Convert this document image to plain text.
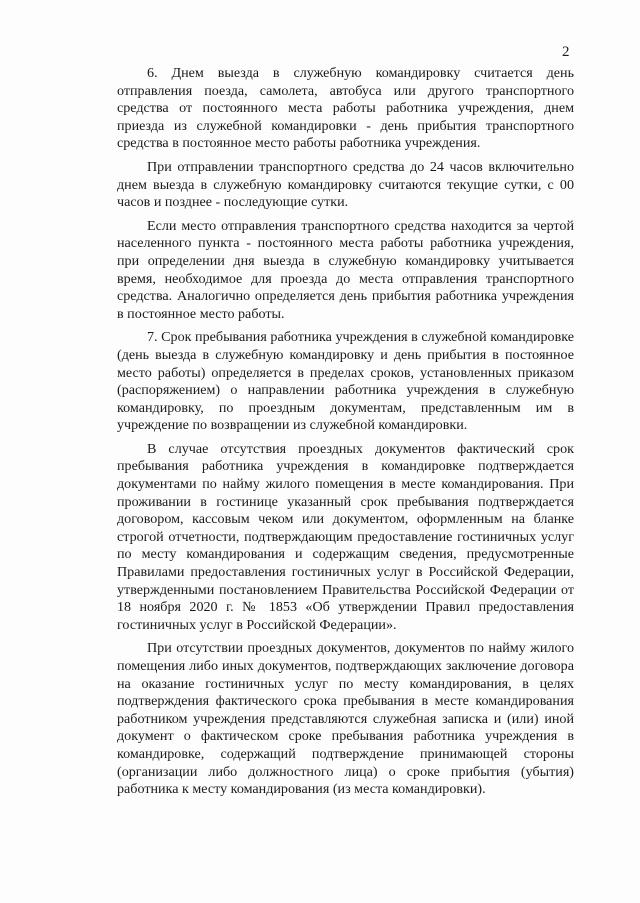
2

6. Днем выезда в служебную командировку считается день отправления поезда, самолета, автобуса или другого транспортного средства от постоянного места работы работника учреждения, днем приезда из служебной командировки - день прибытия транспортного средства в постоянное место работы работника учреждения.

При отправлении транспортного средства до 24 часов включительно днем выезда в служебную командировку считаются текущие сутки, с 00 часов и позднее - последующие сутки.

Если место отправления транспортного средства находится за чертой населенного пункта - постоянного места работы работника учреждения, при определении дня выезда в служебную командировку учитывается время, необходимое для проезда до места отправления транспортного средства. Аналогично определяется день прибытия работника учреждения в постоянное место работы.

7. Срок пребывания работника учреждения в служебной командировке (день выезда в служебную командировку и день прибытия в постоянное место работы) определяется в пределах сроков, установленных приказом (распоряжением) о направлении работника учреждения в служебную командировку, по проездным документам, представленным им в учреждение по возвращении из служебной командировки.

В случае отсутствия проездных документов фактический срок пребывания работника учреждения в командировке подтверждается документами по найму жилого помещения в месте командирования. При проживании в гостинице указанный срок пребывания подтверждается договором, кассовым чеком или документом, оформленным на бланке строгой отчетности, подтверждающим предоставление гостиничных услуг по месту командирования и содержащим сведения, предусмотренные Правилами предоставления гостиничных услуг в Российской Федерации, утвержденными постановлением Правительства Российской Федерации от 18 ноября 2020 г. № 1853 «Об утверждении Правил предоставления гостиничных услуг в Российской Федерации».

При отсутствии проездных документов, документов по найму жилого помещения либо иных документов, подтверждающих заключение договора на оказание гостиничных услуг по месту командирования, в целях подтверждения фактического срока пребывания в месте командирования работником учреждения представляются служебная записка и (или) иной документ о фактическом сроке пребывания работника учреждения в командировке, содержащий подтверждение принимающей стороны (организации либо должностного лица) о сроке прибытия (убытия) работника к месту командирования (из места командировки).
